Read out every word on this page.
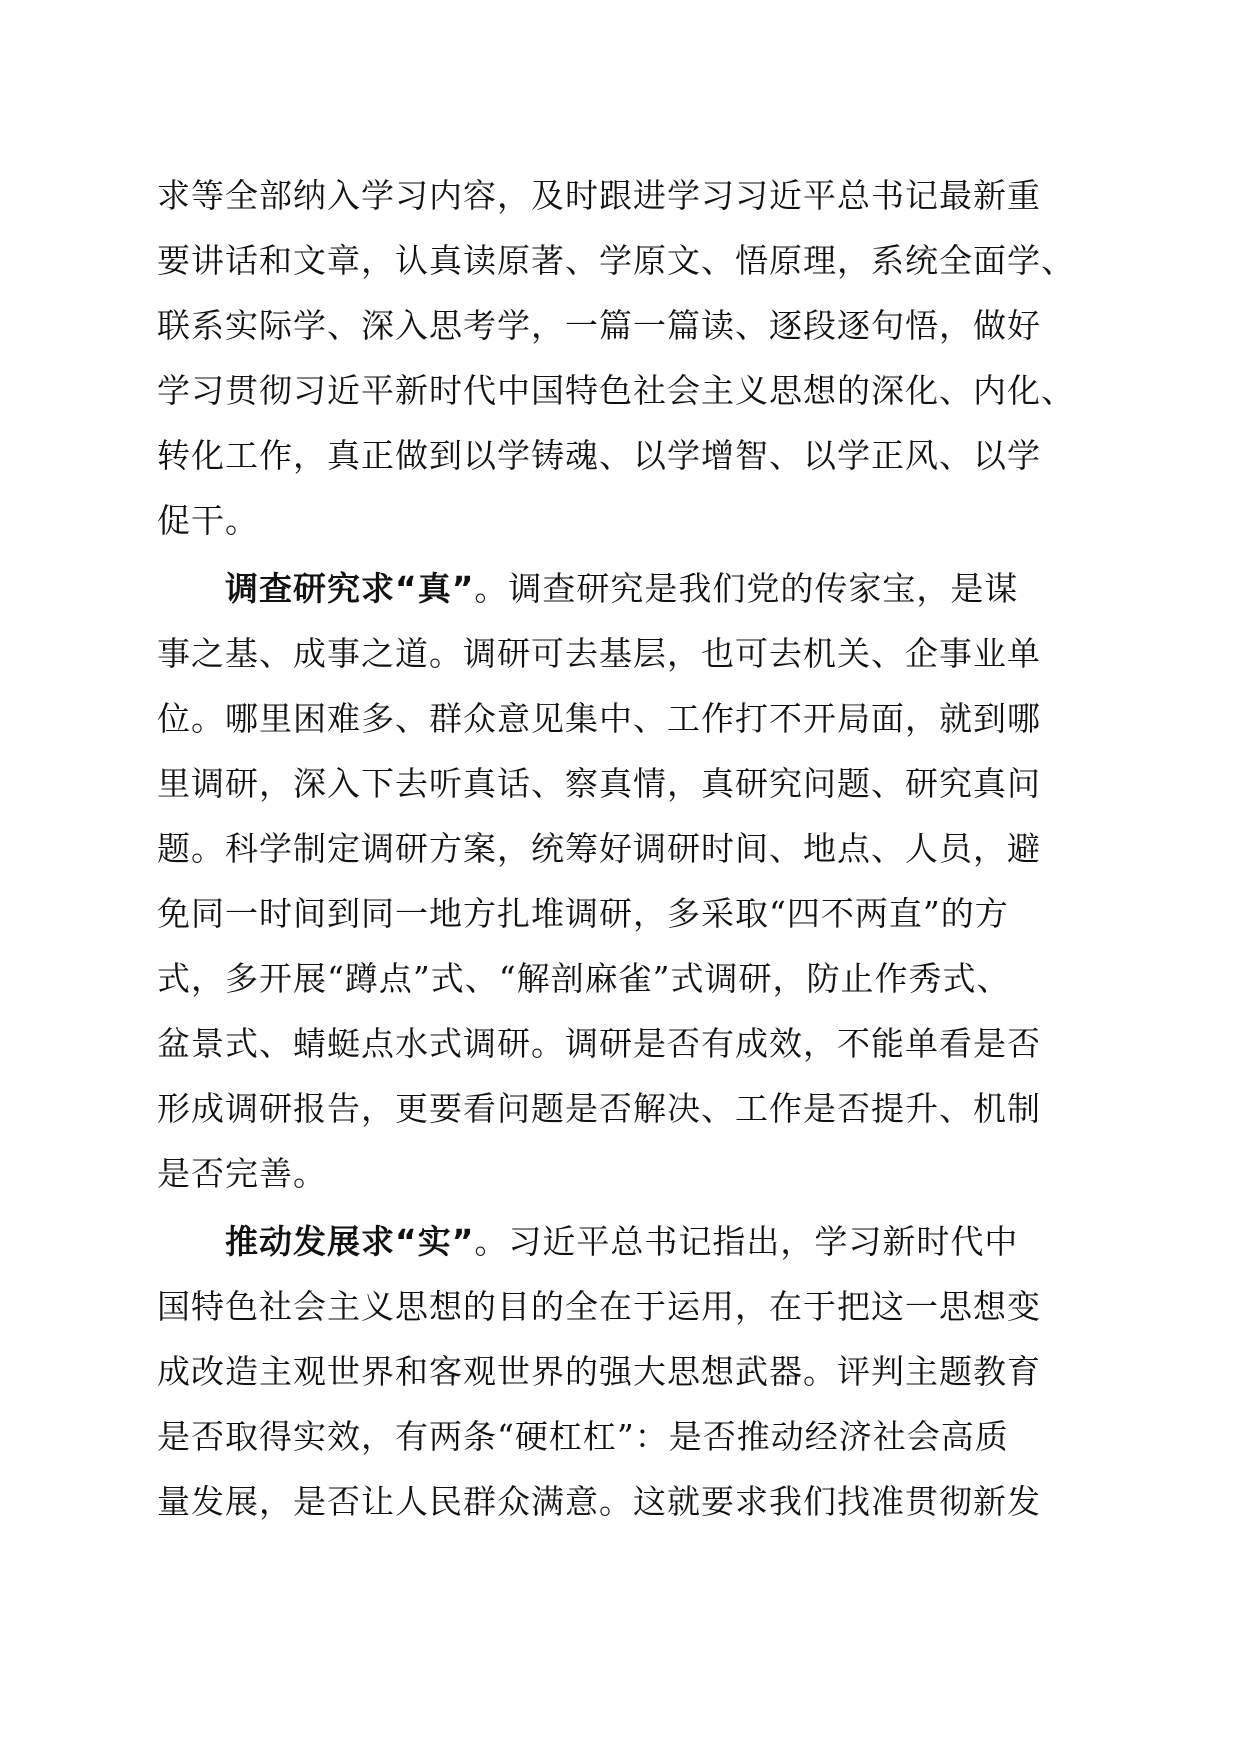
求等全部纳入学习内容，及时跟进学习习近平总书记最新重
要讲话和文章，认真读原著、学原文、悟原理，系统全面学、
联系实际学、深入思考学，一篇一篇读、逐段逐句悟，做好
学习贯彻习近平新时代中国特色社会主义思想的深化、内化、
转化工作，真正做到以学铸魂、以学增智、以学正风、以学
促干。
调查研究求“真”。调查研究是我们党的传家宝，是谋
事之基、成事之道。调研可去基层，也可去机关、企事业单
位。哪里困难多、群众意见集中、工作打不开局面，就到哪
里调研，深入下去听真话、察真情，真研究问题、研究真问
题。科学制定调研方案，统筹好调研时间、地点、人员，避
免同一时间到同一地方扎堆调研，多采取“四不两直”的方
式，多开展“蹲点”式、“解剖麻雀”式调研，防止作秀式、
盆景式、蜻蜓点水式调研。调研是否有成效，不能单看是否
形成调研报告，更要看问题是否解决、工作是否提升、机制
是否完善。
推动发展求“实”。习近平总书记指出，学习新时代中
国特色社会主义思想的目的全在于运用，在于把这一思想变
成改造主观世界和客观世界的强大思想武器。评判主题教育
是否取得实效，有两条“硬杠杠”：是否推动经济社会高质
量发展，是否让人民群众满意。这就要求我们找准贯彻新发
